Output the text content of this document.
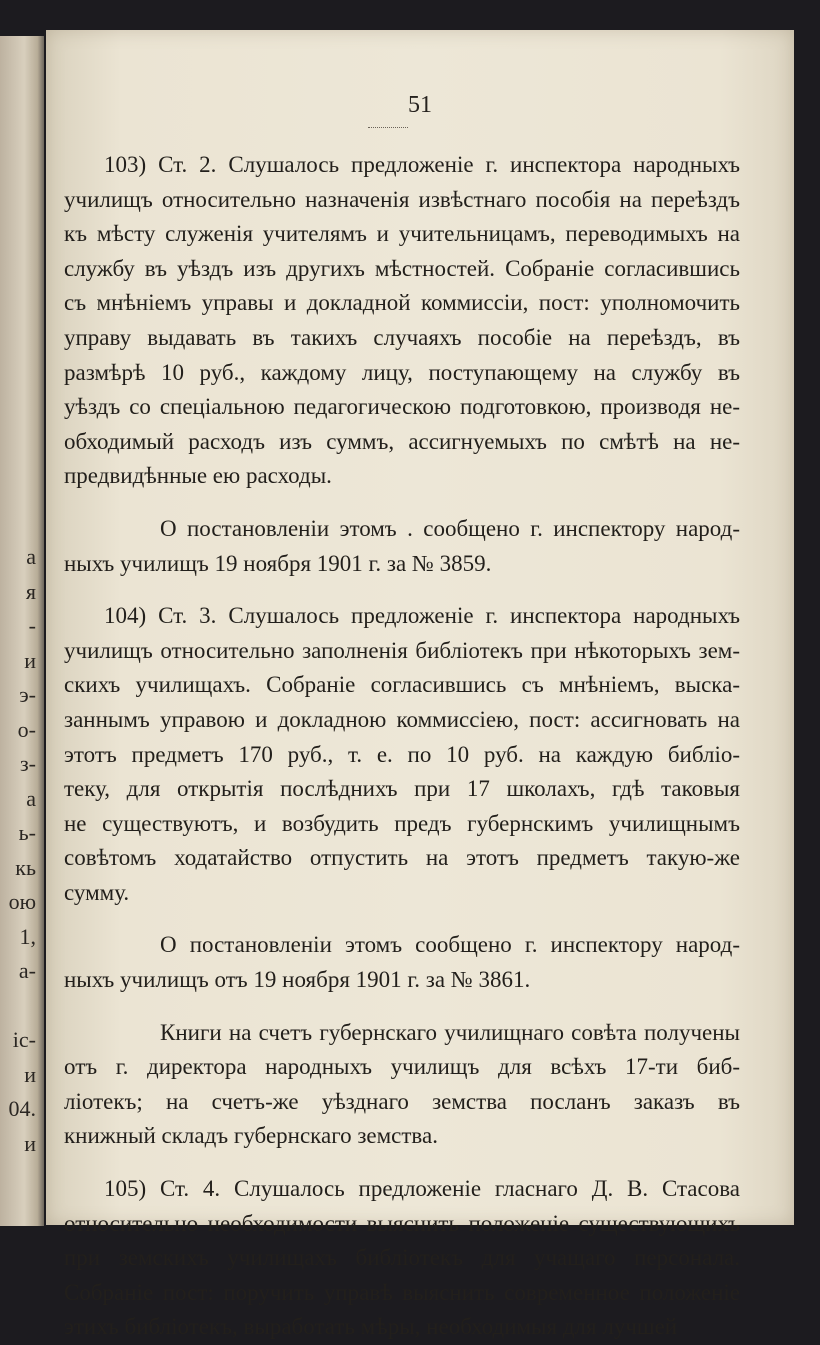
а
я
-
и
э-
о-
з-
а
ь-
кь
ою
1,
а-
іс-
и
04.
и
51
103) Ст. 2. Слушалось предложеніе г. инспектора народныхъ
училищъ относительно назначенія извѣстнаго пособія на переѣздъ
къ мѣсту служенія учителямъ и учительницамъ, переводимыхъ на
службу въ уѣздъ изъ другихъ мѣстностей. Собраніе согласившись
съ мнѣніемъ управы и докладной коммиссіи, пост: уполномочить
управу выдавать въ такихъ случаяхъ пособіе на переѣздъ, въ
размѣрѣ 10 руб., каждому лицу, поступающему на службу въ
уѣздъ со спеціальною педагогическою подготовкою, производя не-
обходимый расходъ изъ суммъ, ассигнуемыхъ по смѣтѣ на не-
предвидѣнные ею расходы.
О постановленіи этомъ . сообщено г. инспектору народ-
ныхъ училищъ 19 ноября 1901 г. за № 3859.
104) Ст. 3. Слушалось предложеніе г. инспектора народныхъ
училищъ относительно заполненія библіотекъ при нѣкоторыхъ зем-
скихъ училищахъ. Собраніе согласившись съ мнѣніемъ, выска-
заннымъ управою и докладною коммиссіею, пост: ассигновать на
этотъ предметъ 170 руб., т. е. по 10 руб. на каждую библіо-
теку, для открытія послѣднихъ при 17 школахъ, гдѣ таковыя
не существуютъ, и возбудить предъ губернскимъ училищнымъ
совѣтомъ ходатайство отпустить на этотъ предметъ такую-же
сумму.
О постановленіи этомъ сообщено г. инспектору народ-
ныхъ училищъ отъ 19 ноября 1901 г. за № 3861.
Книги на счетъ губернскаго училищнаго совѣта получены
отъ г. директора народныхъ училищъ для всѣхъ 17-ти биб-
ліотекъ; на счетъ-же уѣзднаго земства посланъ заказъ въ
книжный складъ губернскаго земства.
105) Ст. 4. Слушалось предложеніе гласнаго Д. В. Стасова
относительно необходимости выяснить положеніе существующихъ
при земскихъ училищахъ библіотекъ для учащаго персонала.
Собраніе пост: поручить управѣ выяснить современное положеніе
этихъ библіотекъ, выработать мѣры, необходимыя для лучшей
